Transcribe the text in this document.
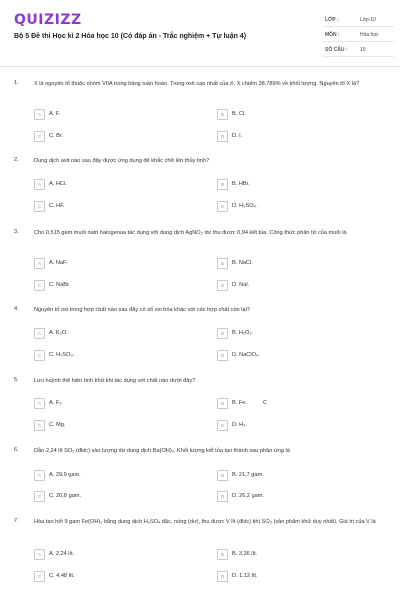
QUIZIZZ
Bộ 5 Đề thi Học kì 2 Hóa học 10 (Có đáp án - Trắc nghiệm + Tự luận 4)
LỚP :	Lớp 10
MÔN :	Hóa học
SỐ CÂU :	10
1.	X là nguyên tố thuộc nhóm VIIA trong bảng tuần hoàn. Trong oxit cao nhất của X, X chiếm 38,789% về khối lượng. Nguyên tố X là?
A	A. F.	B	B. Cl.
C	C. Br.	D	D. I.
2.	Dung dịch axit nào sau đây được ứng dụng để khắc chữ lên thủy tinh?
A	A. HCl.	B	B. HBr.
C	C. HF.	D	D. H₂SO₄ .
3.	Cho 0,515 gam muối natri halogenua tác dụng với dung dịch AgNO₃ dư thu được 0,94 kết tủa. Công thức phân tử của muối là
A	A. NaF.	B	B. NaCl.
C	C. NaBr.	D	D. NaI.
4.	Nguyên tố oxi trong hợp chất nào sau đây có số oxi hóa khác với các hợp chất còn lại?
A	A. K₂O.	B	B. H₂O₂.
C	C. H₂SO₃.	D	D. NaClO₄.
5.	Lưu huỳnh thể hiện tính khử khi tác dụng với chất nào dưới đây?
A	A. F₂.	B	B. Fe.	C
C	C. Mg.	D	D. H₂.
6.	Dẫn 2,24 lít SO₂ (đktc) vào lượng dư dung dịch Ba(OH)₂. Khối lượng kết tủa tạo thành sau phản ứng là
A	A. 29,9 gam.	B	B. 21,7 gam.
C	C. 20,8 gam.	D	D. 26,2 gam.
7.	Hòa tan hết 9 gam Fe(OH)₂ bằng dung dịch H₂SO₄ đặc, nóng (dư), thu được V lít (đktc) khí SO₂ (sản phẩm khử duy nhất). Giá trị của V là
A	A. 2,24 lít.	B	B. 3,36 lít.
C	C. 4,48 lít.	D	D. 1,12 lít.
